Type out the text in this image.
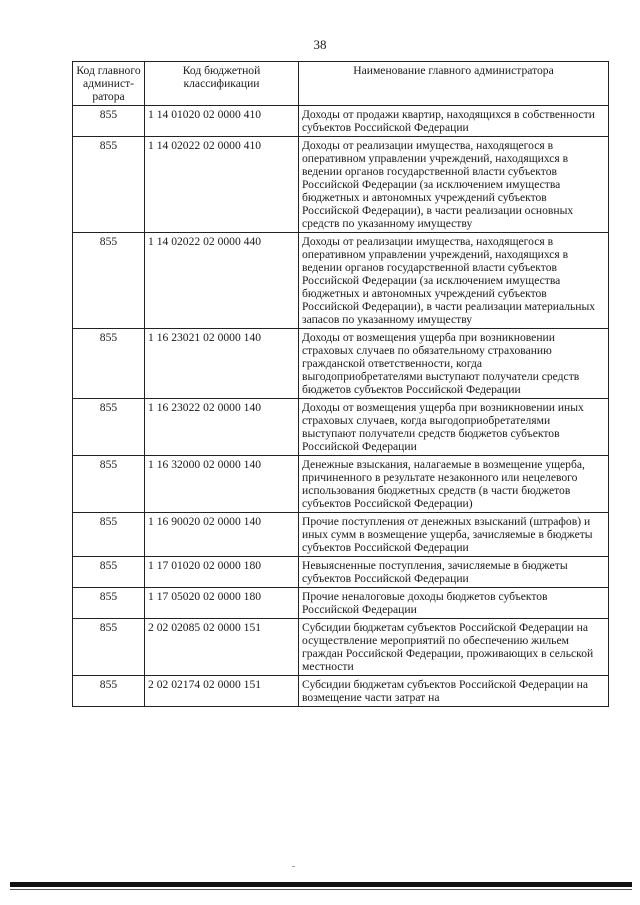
38
Код главного админист-ратора	Код бюджетной классификации	Наименование главного администратора
855	1 14 01020 02 0000 410	Доходы от продажи квартир, находящихся в собственности субъектов Российской Федерации
855	1 14 02022 02 0000 410	Доходы от реализации имущества, находящегося в оперативном управлении учреждений, находящихся в ведении органов государственной власти субъектов Российской Федерации (за исключением имущества бюджетных и автономных учреждений субъектов Российской Федерации), в части реализации основных средств по указанному имуществу
855	1 14 02022 02 0000 440	Доходы от реализации имущества, находящегося в оперативном управлении учреждений, находящихся в ведении органов государственной власти субъектов Российской Федерации (за исключением имущества бюджетных и автономных учреждений субъектов Российской Федерации), в части реализации материальных запасов по указанному имуществу
855	1 16 23021 02 0000 140	Доходы от возмещения ущерба при возникновении страховых случаев по обязательному страхованию гражданской ответственности, когда выгодоприобретателями выступают получатели средств бюджетов субъектов Российской Федерации
855	1 16 23022 02 0000 140	Доходы от возмещения ущерба при возникновении иных страховых случаев, когда выгодоприобретателями выступают получатели средств бюджетов субъектов Российской Федерации
855	1 16 32000 02 0000 140	Денежные взыскания, налагаемые в возмещение ущерба, причиненного в результате незаконного или нецелевого использования бюджетных средств (в части бюджетов субъектов Российской Федерации)
855	1 16 90020 02 0000 140	Прочие поступления от денежных взысканий (штрафов) и иных сумм в возмещение ущерба, зачисляемые в бюджеты субъектов Российской Федерации
855	1 17 01020 02 0000 180	Невыясненные поступления, зачисляемые в бюджеты субъектов Российской Федерации
855	1 17 05020 02 0000 180	Прочие неналоговые доходы бюджетов субъектов Российской Федерации
855	2 02 02085 02 0000 151	Субсидии бюджетам субъектов Российской Федерации на осуществление мероприятий по обеспечению жильем граждан Российской Федерации, проживающих в сельской местности
855	2 02 02174 02 0000 151	Субсидии бюджетам субъектов Российской Федерации на возмещение части затрат на
